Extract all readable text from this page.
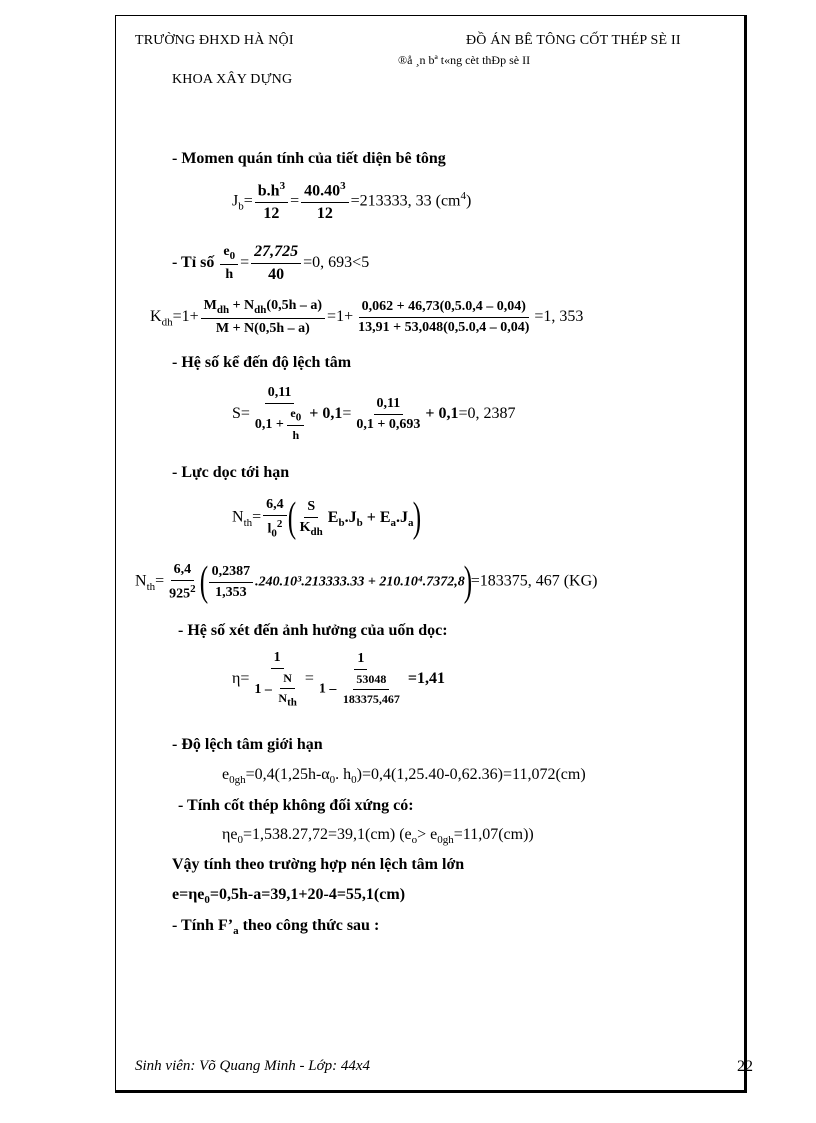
TRƯỜNG ĐHXD HÀ NỘI
KHOA XÂY DỰNG
ĐỒ ÁN BÊ TÔNG CỐT THÉP SÈ II
®å ¸n bª t«ng cèt thÐp sè II
- Momen quán tính của tiết diện bê tông
$J_b= \frac{b.h^3}{12} = \frac{40.40^3}{12} =213333$, 33 $(cm^4)$
- Tỉ số $\frac{e_0}{h} = \frac{27,725}{40} =0$, 693<5
$K_{dh}=1+ \frac{M_{dh} + N_{dh}(0,5h - a)}{M + N(0,5h - a)} =1+ \frac{0,062 + 46,73(0,5.0,4 - 0,04)}{13,91 + 53,048(0,5.0,4 - 0,04)} =1$, 353
- Hệ số kể đến độ lệch tâm
$S= \frac{0,11}{0,1 + \frac{e_0}{h}} + 0,1= \frac{0,11}{0,1 + 0,693} + 0,1=0$, 2387
- Lực dọc tới hạn
$N_{th}= \frac{6,4}{l_0^2}$ ( $\frac{S}{K_{dh}} E_b.J_b + E_a.J_a$)
$N_{th}= \frac{6,4}{925^2}$ ( $\frac{0,2387}{1,353} .240.10^3.213333.33 + 210.10^4.7372,8)=183375$, 467 (KG)
- Hệ số xét đến ảnh hưởng của uốn dọc:
$\eta= \frac{1}{1 - \frac{N}{N_{th}}} = \frac{1}{1 - \frac{53048}{183375,467}} =1,41$
- Độ lệch tâm giới hạn
$e_{0gh}=0,4(1,25h-\alpha_0$. $h_0)=0,4(1,25.40-0,62.36)=11,072(cm)$
- Tính cốt thép không đối xứng có:
$\eta e_0=1,538.27,72=39,1(cm)$ $(e_o> e_{0gh}=11,07(cm))$
Vậy tính theo trường hợp nén lệch tâm lớn
$e=\eta e_0=0,5h-a=39,1+20-4=55,1(cm)$
- Tính $F’_a$ theo công thức sau :
Sinh viên: Võ Quang Minh - Lớp: 44x4	22
